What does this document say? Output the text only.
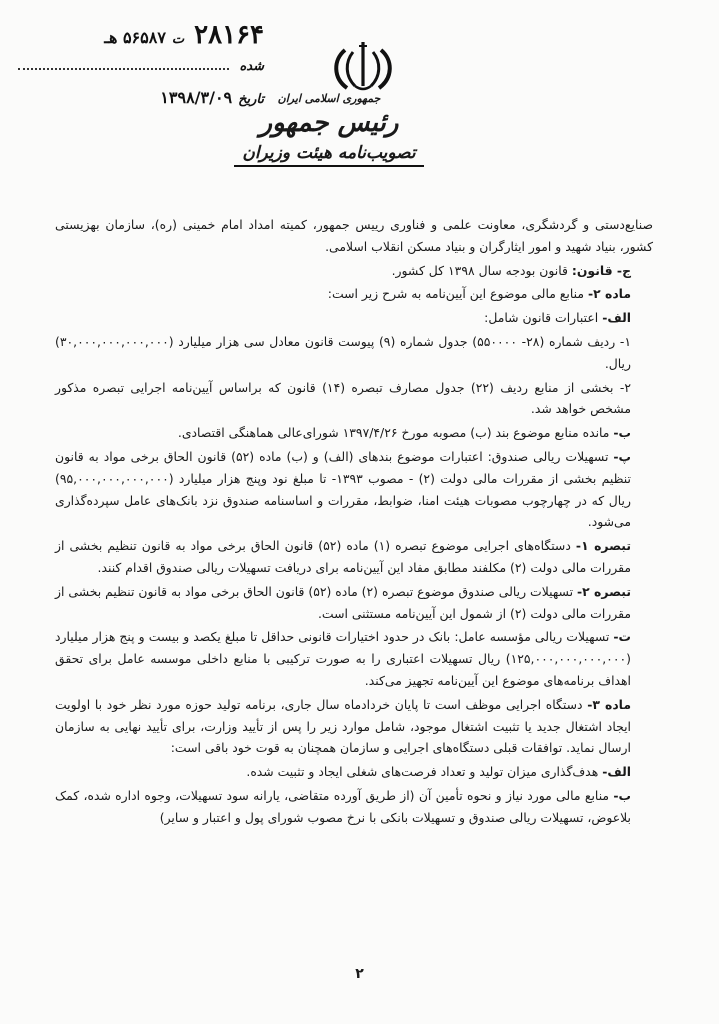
۲۸۱۶۴
ت
۵۶۵۸۷ هـ
شده
تاریخ
۱۳۹۸/۳/۰۹	جمهوری اسلامی ایران
رئیس جمهور
تصویب‌نامه هیئت وزیران

صنایع‌دستی و گردشگری، معاونت علمی و فناوری رییس جمهور، کمیته امداد امام خمینی (ره)، سازمان بهزیستی کشور، بنیاد شهید و امور ایثارگران و بنیاد مسکن انقلاب اسلامی.

ج- قانون: قانون بودجه سال ۱۳۹۸ کل کشور.

ماده ۲- منابع مالی موضوع این آیین‌نامه به شرح زیر است:

الف- اعتبارات قانون شامل:

۱- ردیف شماره (۲۸- ۵۵۰۰۰۰) جدول شماره (۹) پیوست قانون معادل سی هزار میلیارد (۳۰,۰۰۰,۰۰۰,۰۰۰,۰۰۰) ریال.

۲- بخشی از منابع ردیف (۲۲) جدول مصارف تبصره (۱۴) قانون که براساس آیین‌نامه اجرایی تبصره مذکور مشخص خواهد شد.

ب- مانده منابع موضوع بند (ب) مصوبه مورخ ۱۳۹۷/۴/۲۶ شورای‌عالی هماهنگی اقتصادی.

پ- تسهیلات ریالی صندوق: اعتبارات موضوع بندهای (الف) و (ب) ماده (۵۲) قانون الحاق برخی مواد به قانون تنظیم بخشی از مقررات مالی دولت (۲) - مصوب ۱۳۹۳- تا مبلغ نود وپنج هزار میلیارد (۹۵,۰۰۰,۰۰۰,۰۰۰,۰۰۰) ریال که در چهارچوب مصوبات هیئت امنا، ضوابط، مقررات و اساسنامه صندوق نزد بانک‌های عامل سپرده‌گذاری می‌شود.

تبصره ۱- دستگاه‌های اجرایی موضوع تبصره (۱) ماده (۵۲) قانون الحاق برخی مواد به قانون تنظیم بخشی از مقررات مالی دولت (۲) مکلفند مطابق مفاد این آیین‌نامه برای دریافت تسهیلات ریالی صندوق اقدام کنند.

تبصره ۲- تسهیلات ریالی صندوق موضوع تبصره (۲) ماده (۵۲) قانون الحاق برخی مواد به قانون تنظیم بخشی از مقررات مالی دولت (۲) از شمول این آیین‌نامه مستثنی است.

ت- تسهیلات ریالی مؤسسه عامل: بانک در حدود اختیارات قانونی حداقل تا مبلغ یکصد و بیست و پنج هزار میلیارد (۱۲۵,۰۰۰,۰۰۰,۰۰۰,۰۰۰) ریال تسهیلات اعتباری را به صورت ترکیبی با منابع داخلی موسسه عامل برای تحقق اهداف برنامه‌های موضوع این آیین‌نامه تجهیز می‌کند.

ماده ۳- دستگاه اجرایی موظف است تا پایان خردادماه سال جاری، برنامه تولید حوزه مورد نظر خود با اولویت ایجاد اشتغال جدید یا تثبیت اشتغال موجود، شامل موارد زیر را پس از تأیید وزارت، برای تأیید نهایی به سازمان ارسال نماید. توافقات قبلی دستگاه‌های اجرایی و سازمان همچنان به قوت خود باقی است:

الف- هدف‌گذاری میزان تولید و تعداد فرصت‌های شغلی ایجاد و تثبیت شده.

ب- منابع مالی مورد نیاز و نحوه تأمین آن (از طریق آورده متقاضی، یارانه سود تسهیلات، وجوه اداره شده، کمک بلاعوض، تسهیلات ریالی صندوق و تسهیلات بانکی با نرخ مصوب شورای پول و اعتبار و سایر)

۲
